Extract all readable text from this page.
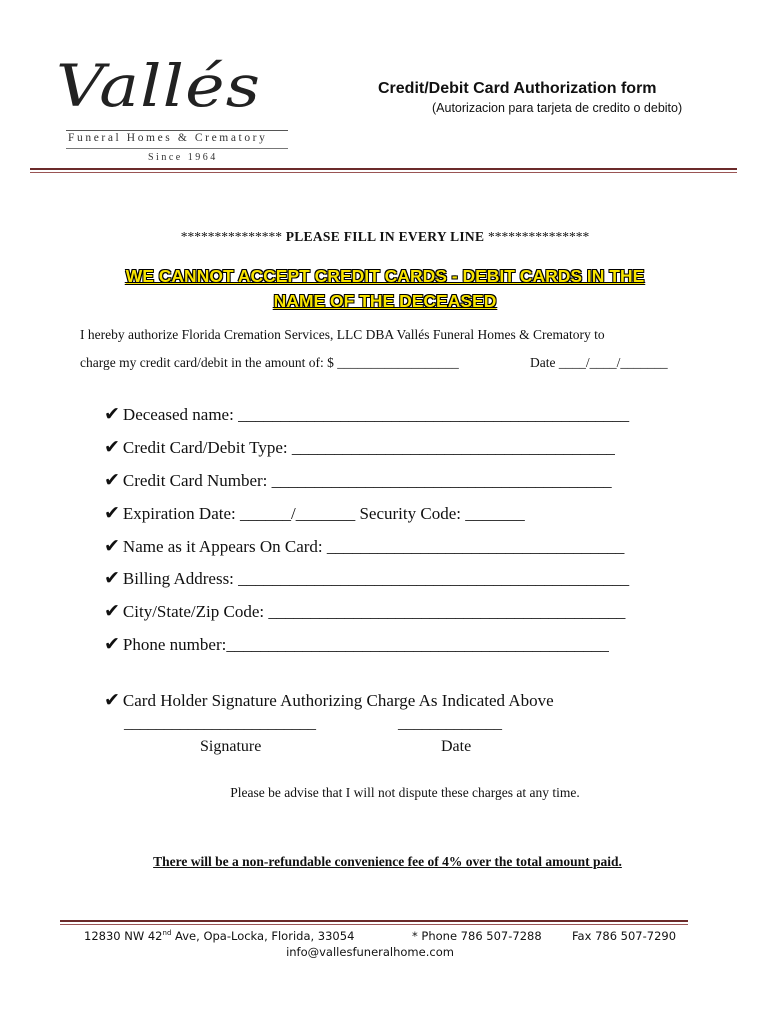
Vallés
Funeral Homes & Crematory
Since 1964
Credit/Debit Card Authorization form
(Autorizacion para tarjeta de credito o debito)
*************** PLEASE FILL IN EVERY LINE ***************
WE CANNOT ACCEPT CREDIT CARDS - DEBIT CARDS IN THE
NAME OF THE DECEASED
I hereby authorize Florida Cremation Services, LLC DBA Vallés Funeral Homes & Crematory to
charge my credit card/debit in the amount of: $ __________________	Date ____/____/_______
✔ Deceased name: ______________________________________________
✔ Credit Card/Debit Type: ______________________________________
✔ Credit Card Number: ________________________________________
✔ Expiration Date: ______/_______ Security Code: _______
✔ Name as it Appears On Card: ___________________________________
✔ Billing Address: ______________________________________________
✔ City/State/Zip Code: __________________________________________
✔ Phone number:_____________________________________________
✔ Card Holder Signature Authorizing Charge As Indicated Above
________________________	_____________
Signature	Date
Please be advise that I will not dispute these charges at any time.
There will be a non-refundable convenience fee of 4% over the total amount paid.
12830 NW 42nd Ave, Opa-Locka, Florida, 33054	* Phone 786 507-7288	Fax 786 507-7290
info@vallesfuneralhome.com
